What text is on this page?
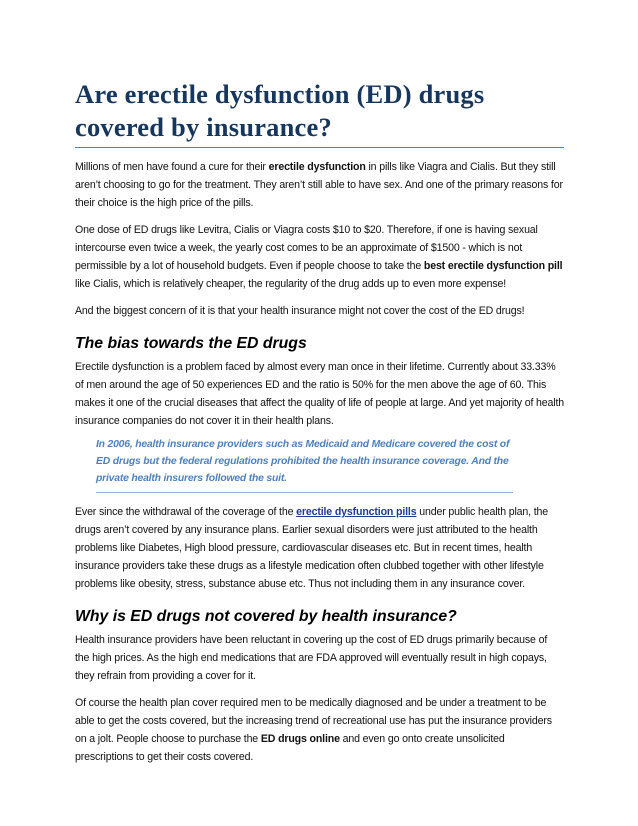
Are erectile dysfunction (ED) drugs covered by insurance?

Millions of men have found a cure for their erectile dysfunction in pills like Viagra and Cialis. But they still aren’t choosing to go for the treatment. They aren’t still able to have sex. And one of the primary reasons for their choice is the high price of the pills.

One dose of ED drugs like Levitra, Cialis or Viagra costs $10 to $20. Therefore, if one is having sexual intercourse even twice a week, the yearly cost comes to be an approximate of $1500 - which is not permissible by a lot of household budgets. Even if people choose to take the best erectile dysfunction pill like Cialis, which is relatively cheaper, the regularity of the drug adds up to even more expense!

And the biggest concern of it is that your health insurance might not cover the cost of the ED drugs!

The bias towards the ED drugs

Erectile dysfunction is a problem faced by almost every man once in their lifetime. Currently about 33.33% of men around the age of 50 experiences ED and the ratio is 50% for the men above the age of 60. This makes it one of the crucial diseases that affect the quality of life of people at large. And yet majority of health insurance companies do not cover it in their health plans.

In 2006, health insurance providers such as Medicaid and Medicare covered the cost of ED drugs but the federal regulations prohibited the health insurance coverage. And the private health insurers followed the suit.

Ever since the withdrawal of the coverage of the erectile dysfunction pills under public health plan, the drugs aren’t covered by any insurance plans. Earlier sexual disorders were just attributed to the health problems like Diabetes, High blood pressure, cardiovascular diseases etc. But in recent times, health insurance providers take these drugs as a lifestyle medication often clubbed together with other lifestyle problems like obesity, stress, substance abuse etc. Thus not including them in any insurance cover.

Why is ED drugs not covered by health insurance?

Health insurance providers have been reluctant in covering up the cost of ED drugs primarily because of the high prices. As the high end medications that are FDA approved will eventually result in high copays, they refrain from providing a cover for it.

Of course the health plan cover required men to be medically diagnosed and be under a treatment to be able to get the costs covered, but the increasing trend of recreational use has put the insurance providers on a jolt. People choose to purchase the ED drugs online and even go onto create unsolicited prescriptions to get their costs covered.
